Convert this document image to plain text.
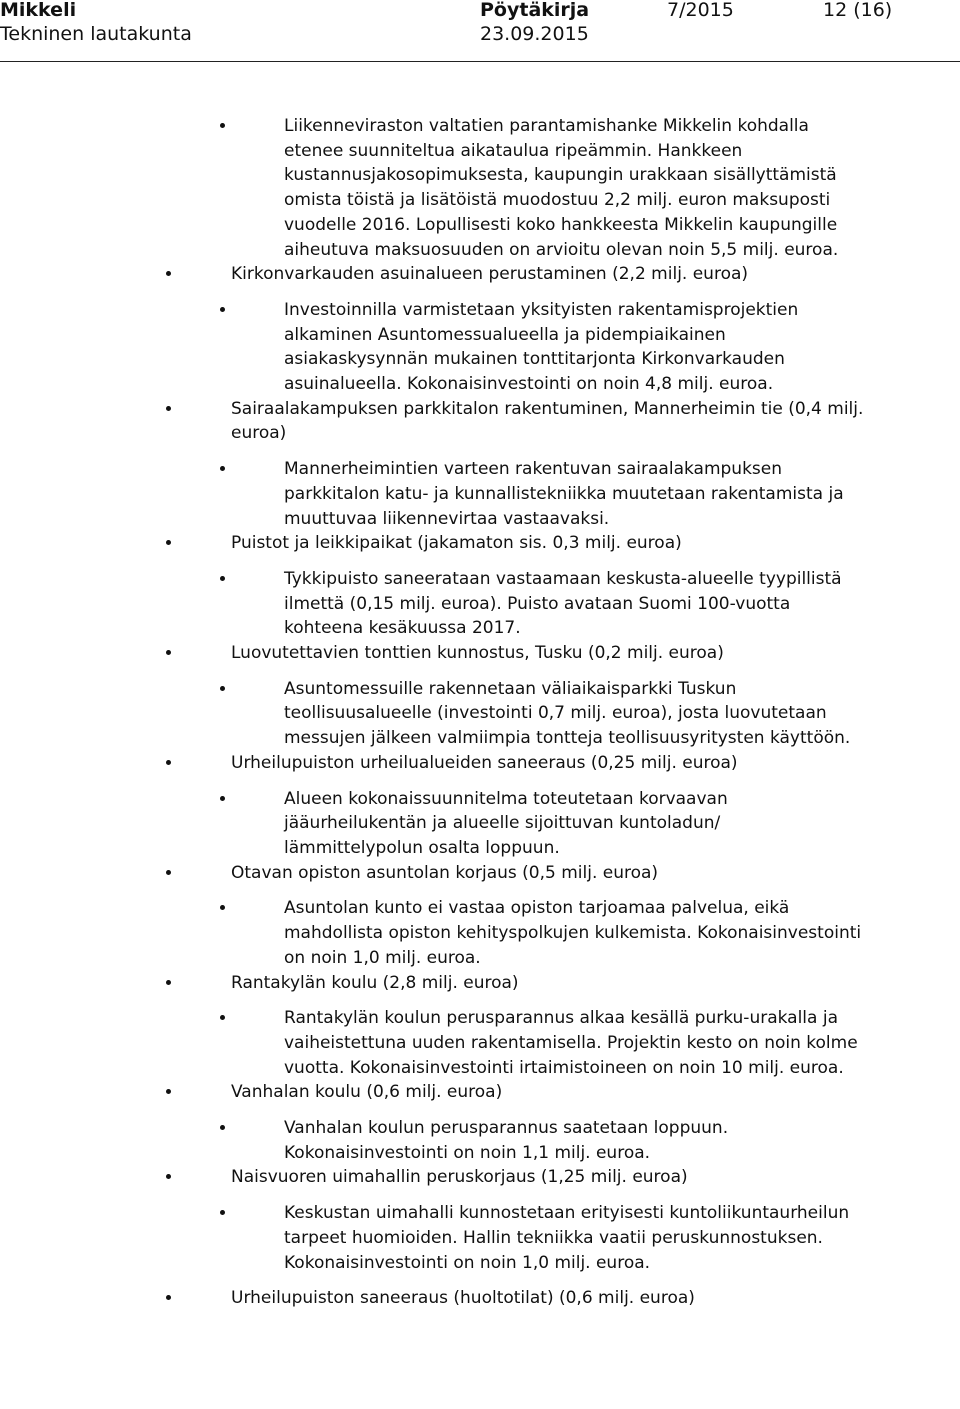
Mikkeli
Tekninen lautakunta
Pöytäkirja
23.09.2015
7/2015	12 (16)
Liikenneviraston valtatien parantamishanke Mikkelin kohdalla etenee suunniteltua aikataulua ripeämmin. Hankkeen kustannusjakosopimuksesta, kaupungin urakkaan sisällyttämistä omista töistä ja lisätöistä muodostuu 2,2 milj. euron maksuposti vuodelle 2016. Lopullisesti koko hankkeesta Mikkelin kaupungille aiheutuva maksuosuuden on arvioitu olevan noin 5,5 milj. euroa.
Kirkonvarkauden asuinalueen perustaminen (2,2 milj. euroa)
Investoinnilla varmistetaan yksityisten rakentamisprojektien alkaminen Asuntomessualueella ja pidempiaikainen asiakaskysynnän mukainen tonttitarjonta Kirkonvarkauden asuinalueella. Kokonaisinvestointi on noin 4,8 milj. euroa.
Sairaalakampuksen parkkitalon rakentuminen, Mannerheimin tie (0,4 milj. euroa)
Mannerheimintien varteen rakentuvan sairaalakampuksen parkkitalon katu- ja kunnallistekniikka muutetaan rakentamista ja muuttuvaa liikennevirtaa vastaavaksi.
Puistot ja leikkipaikat (jakamaton sis. 0,3 milj. euroa)
Tykkipuisto saneerataan vastaamaan keskusta-alueelle tyypillistä ilmettä (0,15 milj. euroa). Puisto avataan Suomi 100-vuotta kohteena kesäkuussa 2017.
Luovutettavien tonttien kunnostus, Tusku (0,2 milj. euroa)
Asuntomessuille rakennetaan väliaikaisparkki Tuskun teollisuusalueelle (investointi 0,7 milj. euroa), josta luovutetaan messujen jälkeen valmiimpia tontteja teollisuusyritysten käyttöön.
Urheilupuiston urheilualueiden saneeraus (0,25 milj. euroa)
Alueen kokonaissuunnitelma toteutetaan korvaavan jääurheilukentän ja alueelle sijoittuvan kuntoladun/ lämmittelypolun osalta loppuun.
Otavan opiston asuntolan korjaus (0,5 milj. euroa)
Asuntolan kunto ei vastaa opiston tarjoamaa palvelua, eikä mahdollista opiston kehityspolkujen kulkemista. Kokonaisinvestointi on noin 1,0 milj. euroa.
Rantakylän koulu (2,8 milj. euroa)
Rantakylän koulun perusparannus alkaa kesällä purku-urakalla ja vaiheistettuna uuden rakentamisella. Projektin kesto on noin kolme vuotta. Kokonaisinvestointi irtaimistoineen on noin 10 milj. euroa.
Vanhalan koulu (0,6 milj. euroa)
Vanhalan koulun perusparannus saatetaan loppuun. Kokonaisinvestointi on noin 1,1 milj. euroa.
Naisvuoren uimahallin peruskorjaus (1,25 milj. euroa)
Keskustan uimahalli kunnostetaan erityisesti kuntoliikuntaurheilun tarpeet huomioiden. Hallin tekniikka vaatii peruskunnostuksen. Kokonaisinvestointi on noin 1,0 milj. euroa.
Urheilupuiston saneeraus (huoltotilat) (0,6 milj. euroa)
